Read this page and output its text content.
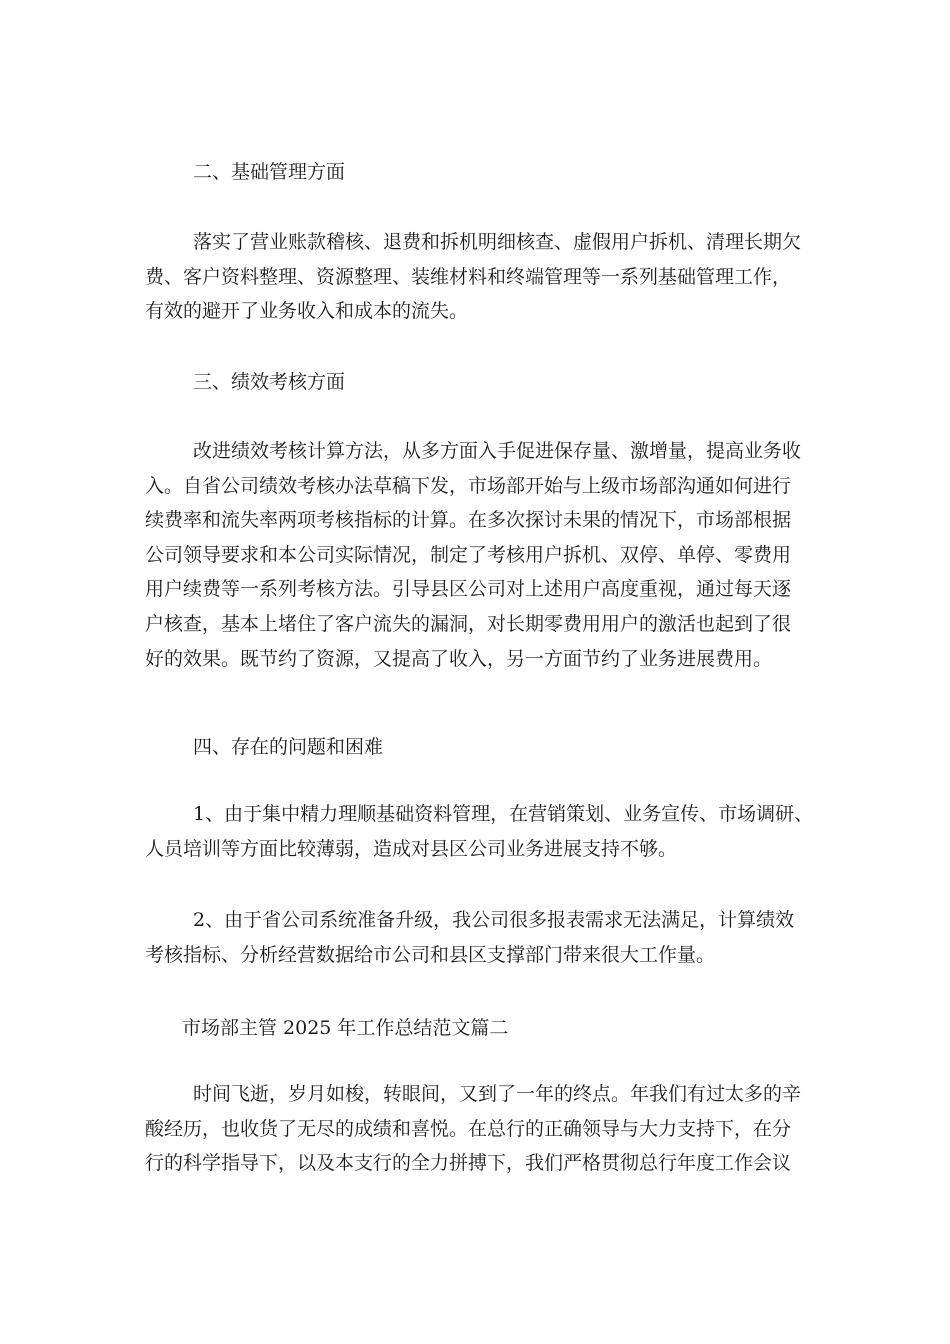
二、基础管理方面
落实了营业账款稽核、退费和拆机明细核查、虚假用户拆机、清理长期欠
费、客户资料整理、资源整理、装维材料和终端管理等一系列基础管理工作，
有效的避开了业务收入和成本的流失。
三、绩效考核方面
改进绩效考核计算方法，从多方面入手促进保存量、激增量，提高业务收
入。自省公司绩效考核办法草稿下发，市场部开始与上级市场部沟通如何进行
续费率和流失率两项考核指标的计算。在多次探讨未果的情况下，市场部根据
公司领导要求和本公司实际情况，制定了考核用户拆机、双停、单停、零费用
用户续费等一系列考核方法。引导县区公司对上述用户高度重视，通过每天逐
户核查，基本上堵住了客户流失的漏洞，对长期零费用用户的激活也起到了很
好的效果。既节约了资源，又提高了收入，另一方面节约了业务进展费用。
四、存在的问题和困难
1、由于集中精力理顺基础资料管理，在营销策划、业务宣传、市场调研、
人员培训等方面比较薄弱，造成对县区公司业务进展支持不够。
2、由于省公司系统准备升级，我公司很多报表需求无法满足，计算绩效
考核指标、分析经营数据给市公司和县区支撑部门带来很大工作量。
市场部主管 2025 年工作总结范文篇二
时间飞逝，岁月如梭，转眼间，又到了一年的终点。年我们有过太多的辛
酸经历，也收货了无尽的成绩和喜悦。在总行的正确领导与大力支持下，在分
行的科学指导下，以及本支行的全力拼搏下，我们严格贯彻总行年度工作会议
